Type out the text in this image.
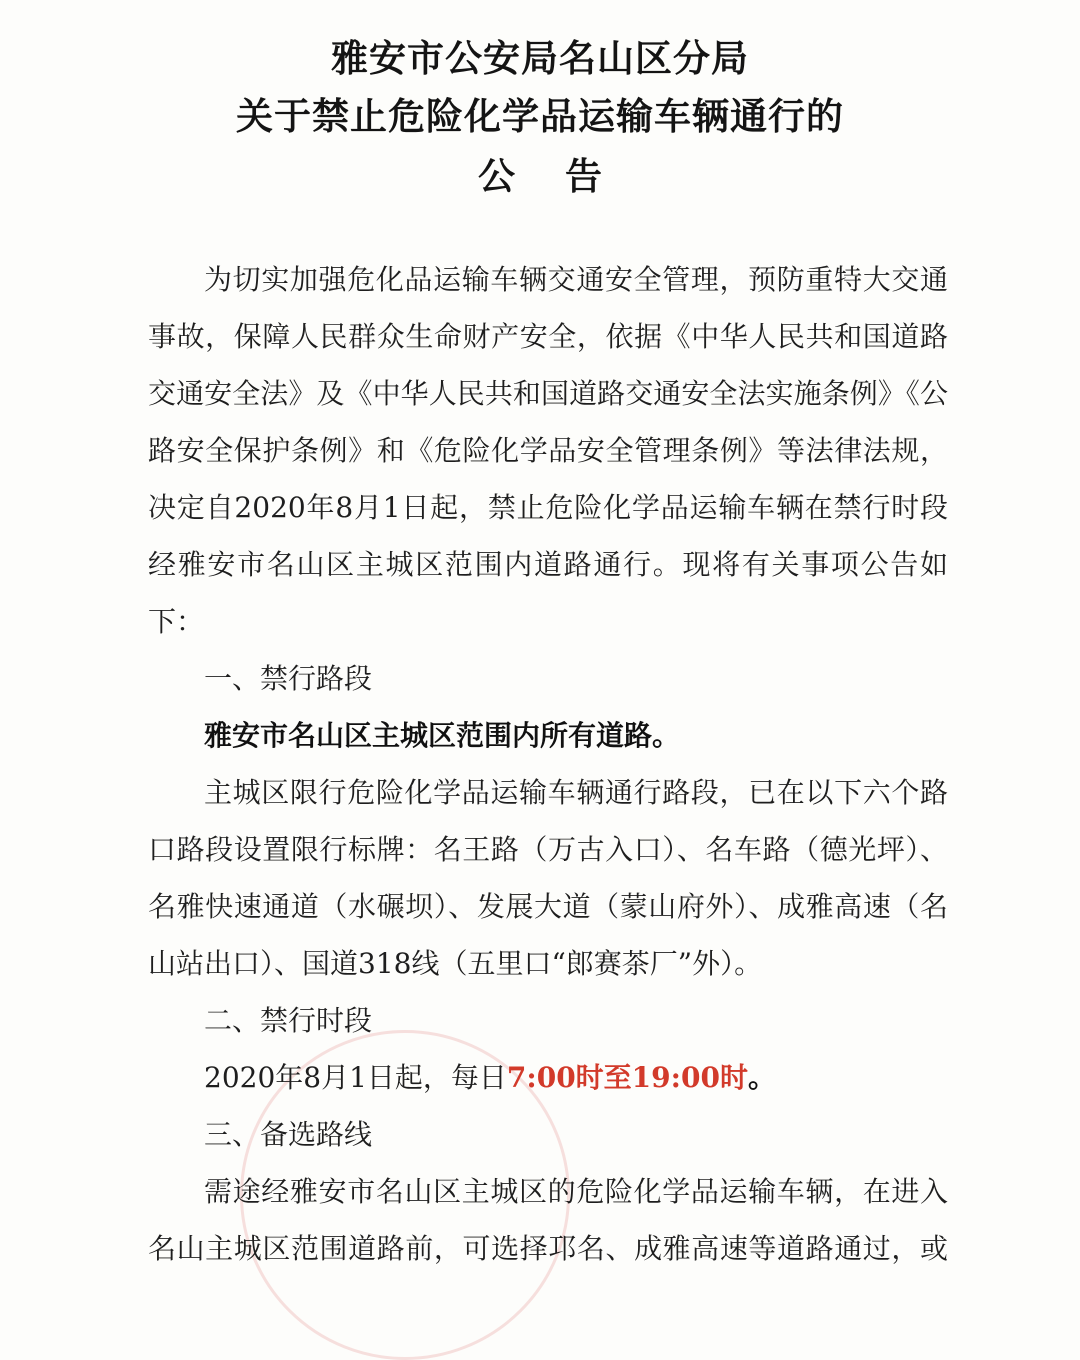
雅安市公安局名山区分局
关于禁止危险化学品运输车辆通行的
公告

为切实加强危化品运输车辆交通安全管理，预防重特大交通

事故，保障人民群众生命财产安全，依据《中华人民共和国道路

交通安全法》及《中华人民共和国道路交通安全法实施条例》《公

路安全保护条例》和《危险化学品安全管理条例》等法律法规，

决定自2020年8月1日起，禁止危险化学品运输车辆在禁行时段

经雅安市名山区主城区范围内道路通行。现将有关事项公告如

下：

一、禁行路段

雅安市名山区主城区范围内所有道路。

主城区限行危险化学品运输车辆通行路段，已在以下六个路

口路段设置限行标牌：名王路（万古入口）、名车路（德光坪）、

名雅快速通道（水碾坝）、发展大道（蒙山府外）、成雅高速（名

山站出口）、国道318线（五里口“郎赛茶厂”外）。

二、禁行时段

2020年8月1日起，每日7:00时至19:00时。

三、备选路线

需途经雅安市名山区主城区的危险化学品运输车辆，在进入

名山主城区范围道路前，可选择邛名、成雅高速等道路通过，或
